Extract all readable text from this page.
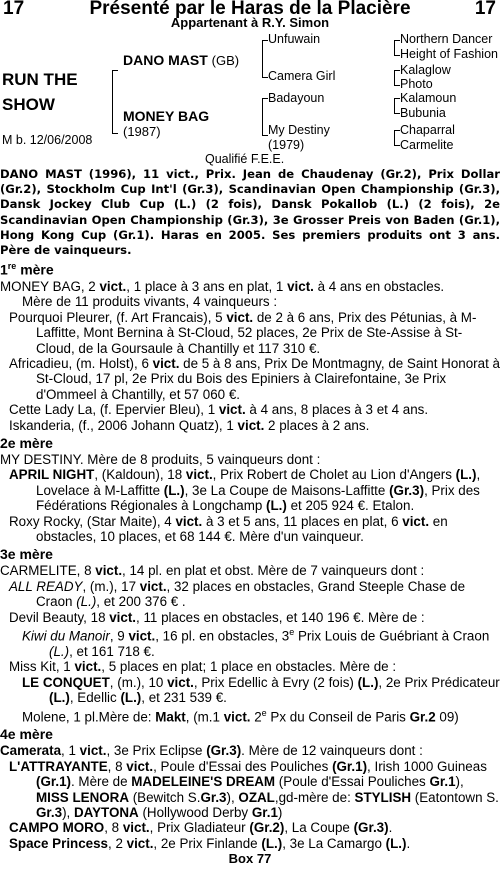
17	Présenté par le Haras de la Placière	17
Appartenant à R.Y. Simon
RUN THE
SHOW
M b. 12/06/2008
DANO MAST (GB)
MONEY BAG
(1987)
Unfuwain
Camera Girl
Badayoun
My Destiny
(1979)
Northern Dancer
Height of Fashion
Kalaglow
Photo
Kalamoun
Bubunia
Chaparral
Carmelite
Qualifié F.E.E.

DANO MAST (1996), 11 vict., Prix. Jean de Chaudenay (Gr.2), Prix Dollar (Gr.2), Stockholm Cup Int'l (Gr.3), Scandinavian Open Championship (Gr.3), Dansk Jockey Club Cup (L.) (2 fois), Dansk Pokallob (L.) (2 fois), 2e Scandinavian Open Championship (Gr.3), 3e Grosser Preis von Baden (Gr.1), Hong Kong Cup (Gr.1). Haras en 2005. Ses premiers produits ont 3 ans. Père de vainqueurs.

1re mère

MONEY BAG, 2 vict., 1 place à 3 ans en plat, 1 vict. à 4 ans en obstacles.

Mère de 11 produits vivants, 4 vainqueurs :

Pourquoi Pleurer, (f. Art Francais), 5 vict. de 2 à 6 ans, Prix des Pétunias, à M-Laffitte, Mont Bernina à St-Cloud, 52 places, 2e Prix de Ste-Assise à St-Cloud, de la Goursaule à Chantilly et 117 310 €.

Africadieu, (m. Holst), 6 vict. de 5 à 8 ans, Prix De Montmagny, de Saint Honorat à St-Cloud, 17 pl, 2e Prix du Bois des Epiniers à Clairefontaine, 3e Prix d'Ommeel à Chantilly, et 57 060 €.

Cette Lady La, (f. Epervier Bleu), 1 vict. à 4 ans, 8 places à 3 et 4 ans.

Iskanderia, (f., 2006 Johann Quatz), 1 vict. 2 places à 2 ans.

2e mère

MY DESTINY. Mère de 8 produits, 5 vainqueurs dont :

APRIL NIGHT, (Kaldoun), 18 vict., Prix Robert de Cholet au Lion d'Angers (L.), Lovelace à M-Laffitte (L.), 3e La Coupe de Maisons-Laffitte (Gr.3), Prix des Fédérations Régionales à Longchamp (L.) et 205 924 €. Etalon.

Roxy Rocky, (Star Maite), 4 vict. à 3 et 5 ans, 11 places en plat, 6 vict. en obstacles, 10 places, et 68 144 €. Mère d'un vainqueur.

3e mère

CARMELITE, 8 vict., 14 pl. en plat et obst. Mère de 7 vainqueurs dont :

ALL READY, (m.), 17 vict., 32 places en obstacles, Grand Steeple Chase de Craon (L.), et 200 376 € .

Devil Beauty, 18 vict., 11 places en obstacles, et 140 196 €. Mère de :

Kiwi du Manoir, 9 vict., 16 pl. en obstacles, 3e Prix Louis de Guébriant à Craon (L.), et 161 718 €.

Miss Kit, 1 vict., 5 places en plat; 1 place en obstacles. Mère de :

LE CONQUET, (m.), 10 vict., Prix Edellic à Evry (2 fois) (L.), 2e Prix Prédicateur (L.), Edellic (L.), et 231 539 €.

Molene, 1 pl.Mère de: Makt, (m.1 vict. 2e Px du Conseil de Paris Gr.2 09)

4e mère

Camerata, 1 vict., 3e Prix Eclipse (Gr.3). Mère de 12 vainqueurs dont :

L'ATTRAYANTE, 8 vict., Poule d'Essai des Pouliches (Gr.1), Irish 1000 Guineas (Gr.1). Mère de MADELEINE'S DREAM (Poule d'Essai Pouliches Gr.1), MISS LENORA (Bewitch S.Gr.3), OZAL,gd-mère de: STYLISH (Eatontown S. Gr.3), DAYTONA (Hollywood Derby Gr.1)

CAMPO MORO, 8 vict., Prix Gladiateur (Gr.2), La Coupe (Gr.3).

Space Princess, 2 vict., 2e Prix Finlande (L.), 3e La Camargo (L.).

Box 77
